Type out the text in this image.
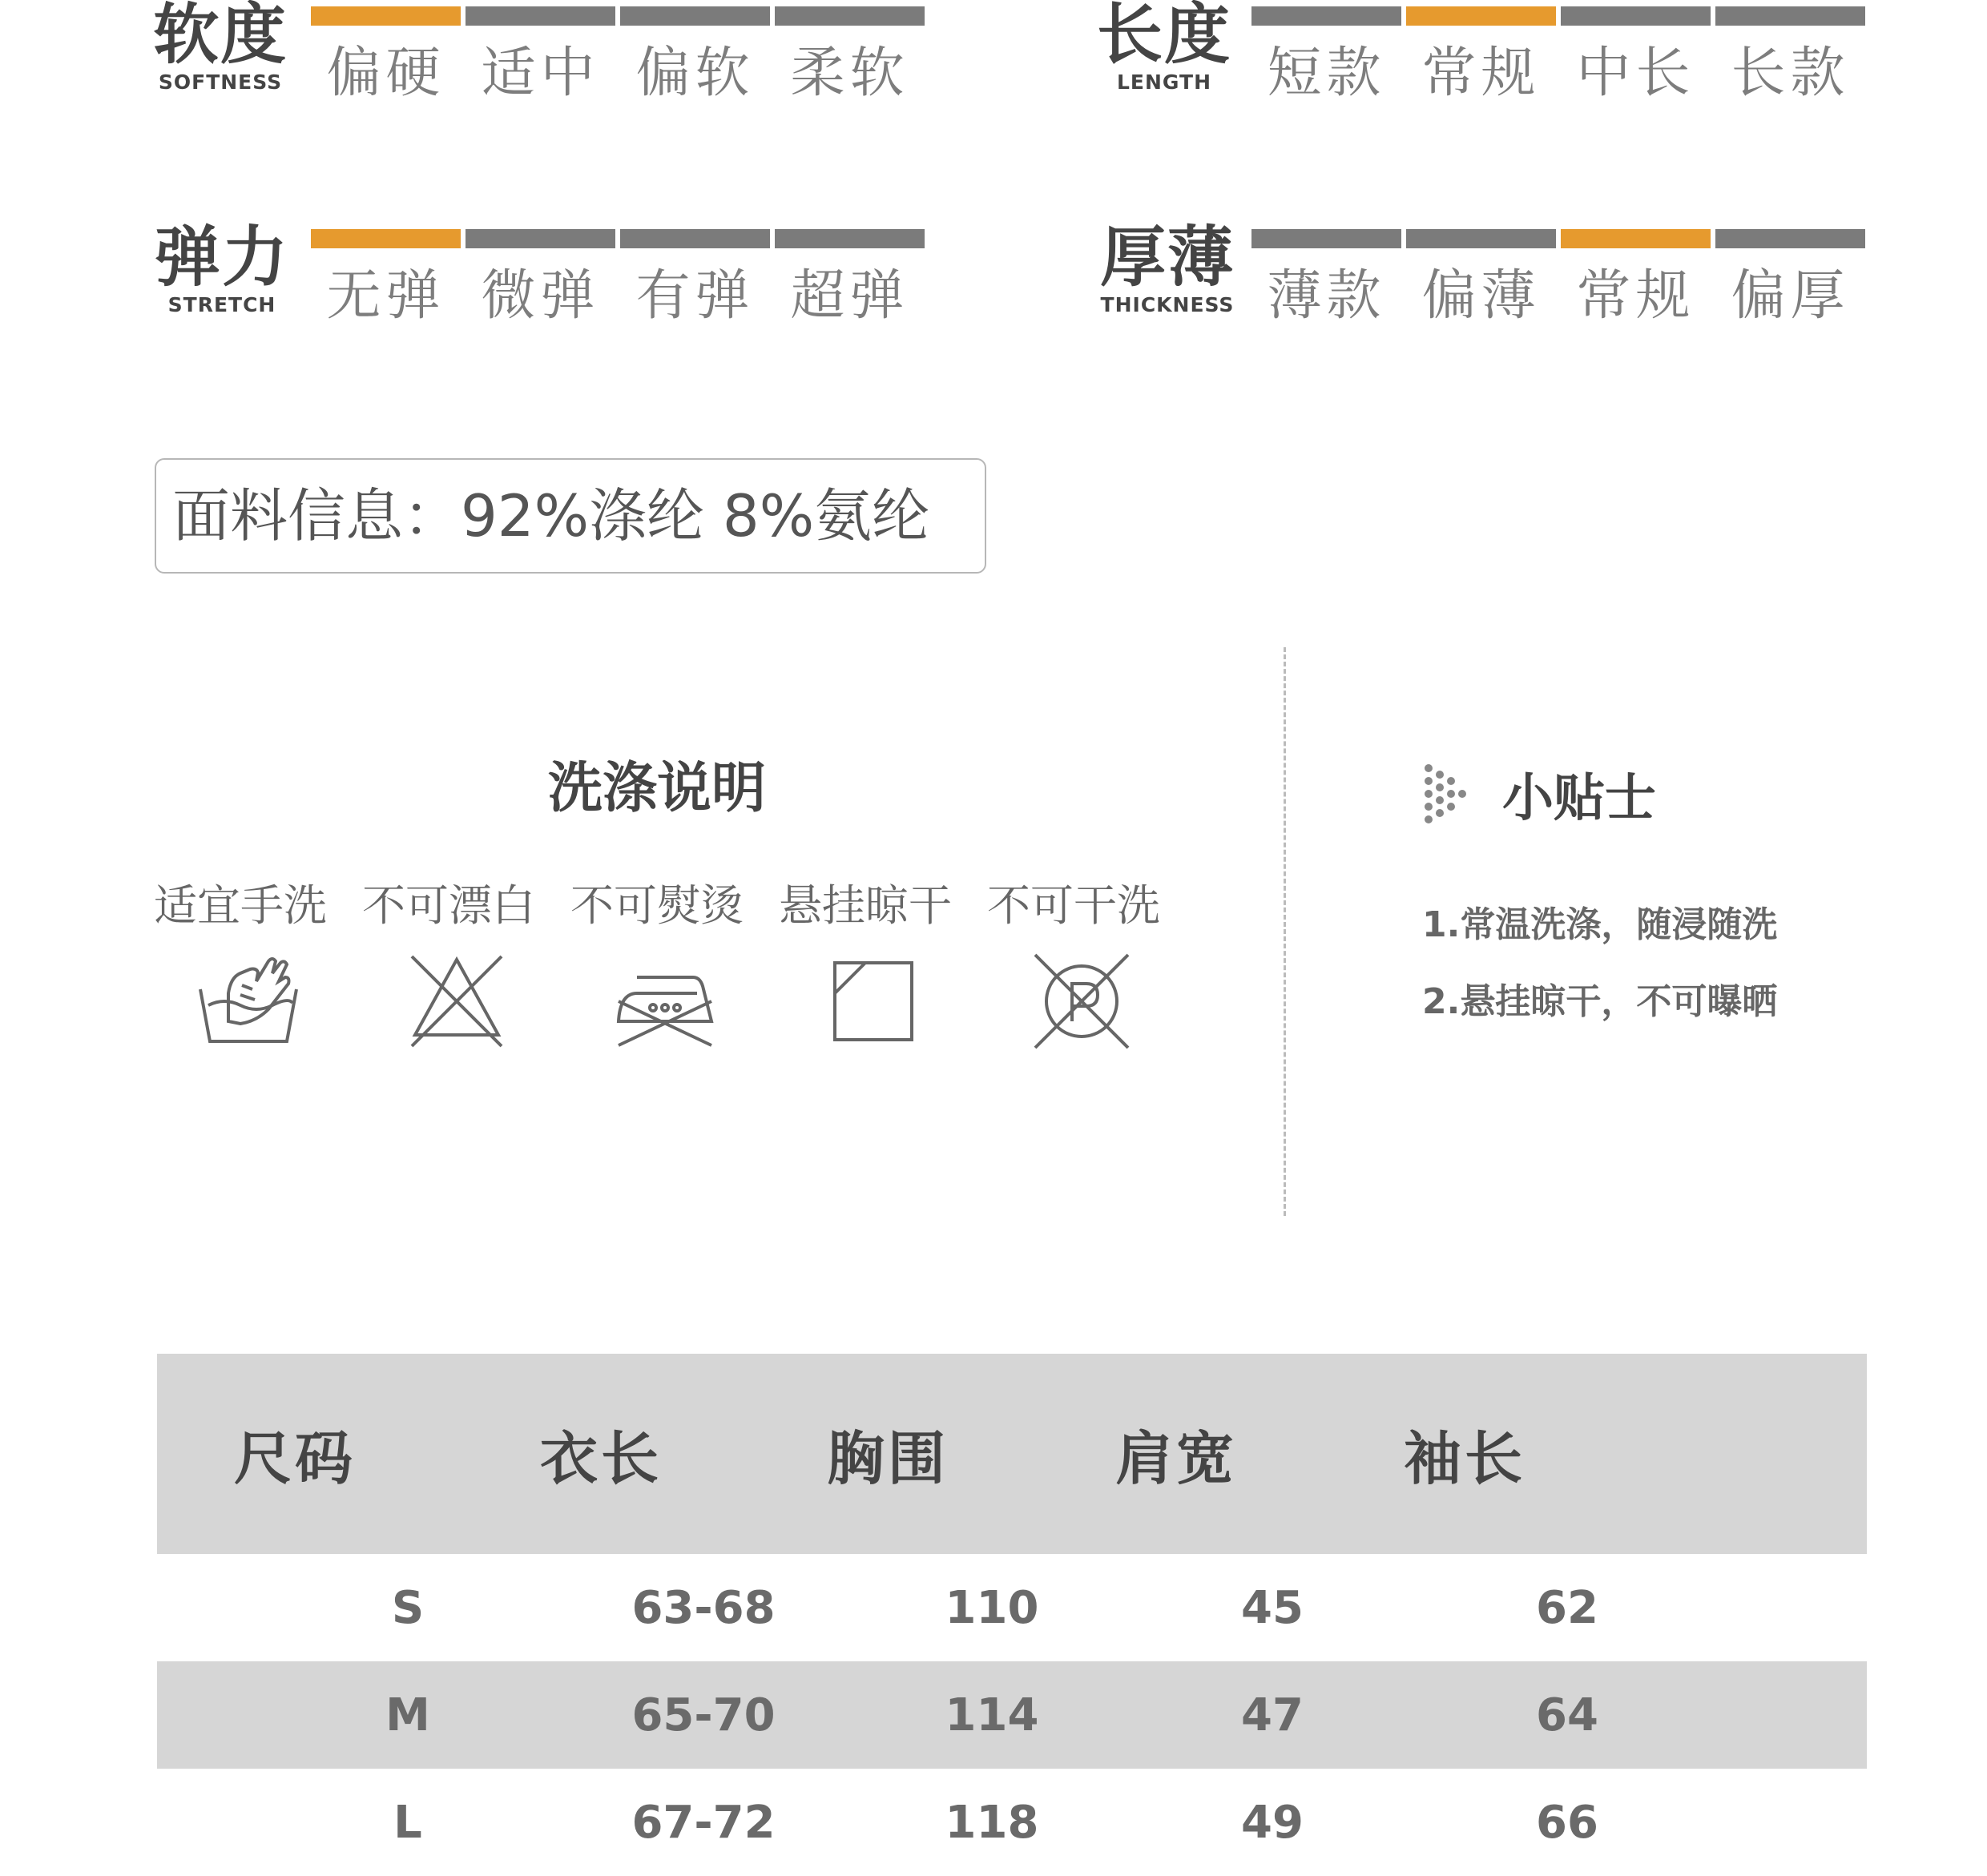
软度
SOFTNESS 偏硬 适中 偏软 柔软
长度
LENGTH	短款 常规 中长 长款
弹力
STRETCH 无弹 微弹 有弹 超弹
厚薄
THICKNESS 薄款 偏薄 常规 偏厚
面料信息：92%涤纶 8%氨纶
洗涤说明
适宜手洗 不可漂白 不可熨烫 悬挂晾干 不可干洗
小贴士
1.常温洗涤，随浸随洗
2.悬挂晾干，不可曝晒
尺码	衣长	胸围	肩宽	袖长
S	63-68	110	45	62
M	65-70	114	47	64
L	67-72	118	49	66
